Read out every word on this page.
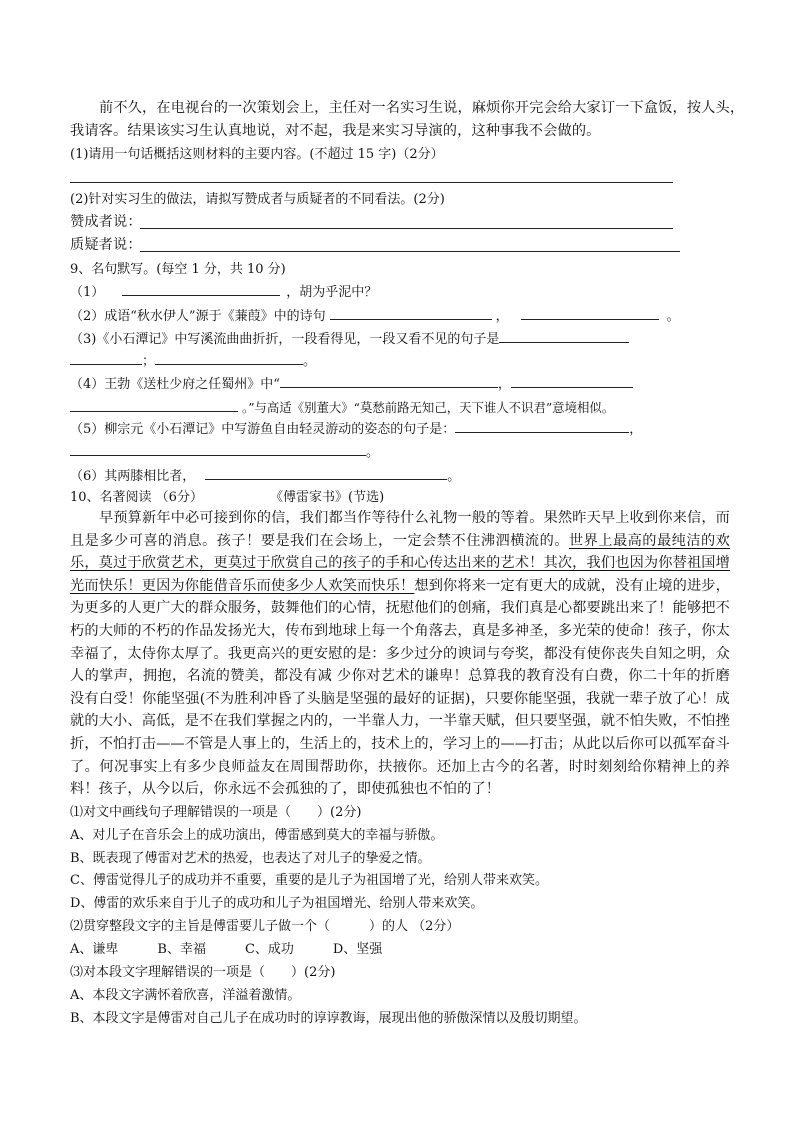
前不久，在电视台的一次策划会上，主任对一名实习生说，麻烦你开完会给大家订一下盒饭，按人头，
我请客。结果该实习生认真地说，对不起，我是来实习导演的，这种事我不会做的。
(1)请用一句话概括这则材料的主要内容。(不超过 15 字)（2分）
(2)针对实习生的做法，请拟写赞成者与质疑者的不同看法。(2分)
赞成者说：
质疑者说：
9、名句默写。(每空 1 分，共 10 分)
（1）	，胡为乎泥中？
（2）成语“秋水伊人”源于《蒹葭》中的诗句	，	。
（3)《小石潭记》中写溪流曲曲折折，一段看得见，一段又看不见的句子是
；	。
（4）王勃《送杜少府之任蜀州》中“	，
。”与高适《别董大》“莫愁前路无知己，天下谁人不识君”意境相似。
（5）柳宗元《小石潭记》中写游鱼自由轻灵游动的姿态的句子是：	，
。
（6）其两膝相比者，	。
10、名著阅读 （6分）	《傅雷家书》(节选)
早预算新年中必可接到你的信，我们都当作等待什么礼物一般的等着。果然昨天早上收到你来信，而且是多少可喜的消息。孩子！要是我们在会场上，一定会禁不住沸泗横流的。世界上最高的最纯洁的欢乐，莫过于欣赏艺术，更莫过于欣赏自己的孩子的手和心传达出来的艺术！其次，我们也因为你替祖国增光而快乐！更因为你能借音乐而使多少人欢笑而快乐！想到你将来一定有更大的成就，没有止境的进步，为更多的人更广大的群众服务，鼓舞他们的心情，抚慰他们的创痛，我们真是心都要跳出来了！能够把不朽的大师的不朽的作品发扬光大，传布到地球上每一个角落去，真是多神圣，多光荣的使命！孩子，你太幸福了，太侍你太厚了。我更高兴的更安慰的是：多少过分的谀词与夸奖，都没有使你丧失自知之明，众人的掌声，拥抱，名流的赞美，都没有减 少你对艺术的谦卑！总算我的教育没有白费，你二十年的折磨没有白受！你能坚强(不为胜利冲昏了头脑是坚强的最好的证据)，只要你能坚强，我就一辈子放了心！成就的大小、高低，是不在我们掌握之内的，一半靠人力，一半靠天赋，但只要坚强，就不怕失败，不怕挫折，不怕打击——不管是人事上的，生活上的，技术上的，学习上的——打击；从此以后你可以孤军奋斗了。何况事实上有多少良师益友在周围帮助你，扶掖你。还加上古今的名著，时时刻刻给你精神上的养料！孩子，从今以后，你永远不会孤独的了，即使孤独也不怕的了！
⑴对文中画线句子理解错误的一项是（　　）(2分)
A、对儿子在音乐会上的成功演出，傅雷感到莫大的幸福与骄傲。
B、既表现了傅雷对艺术的热爱，也表达了对儿子的挚爱之情。
C、傅雷觉得儿子的成功并不重要，重要的是儿子为祖国增了光，给别人带来欢笑。
D、傅雷的欢乐来自于儿子的成功和儿子为祖国增光、给别人带来欢笑。
⑵贯穿整段文字的主旨是傅雷要儿子做一个（　　　）的人 （2分）
A、谦卑　　　B、幸福　　　C、成功　　　D、坚强
⑶对本段文字理解错误的一项是（　　）(2分)
A、本段文字满怀着欣喜，洋溢着激情。
B、本段文字是傅雷对自己儿子在成功时的谆谆教诲，展现出他的骄傲深情以及殷切期望。
